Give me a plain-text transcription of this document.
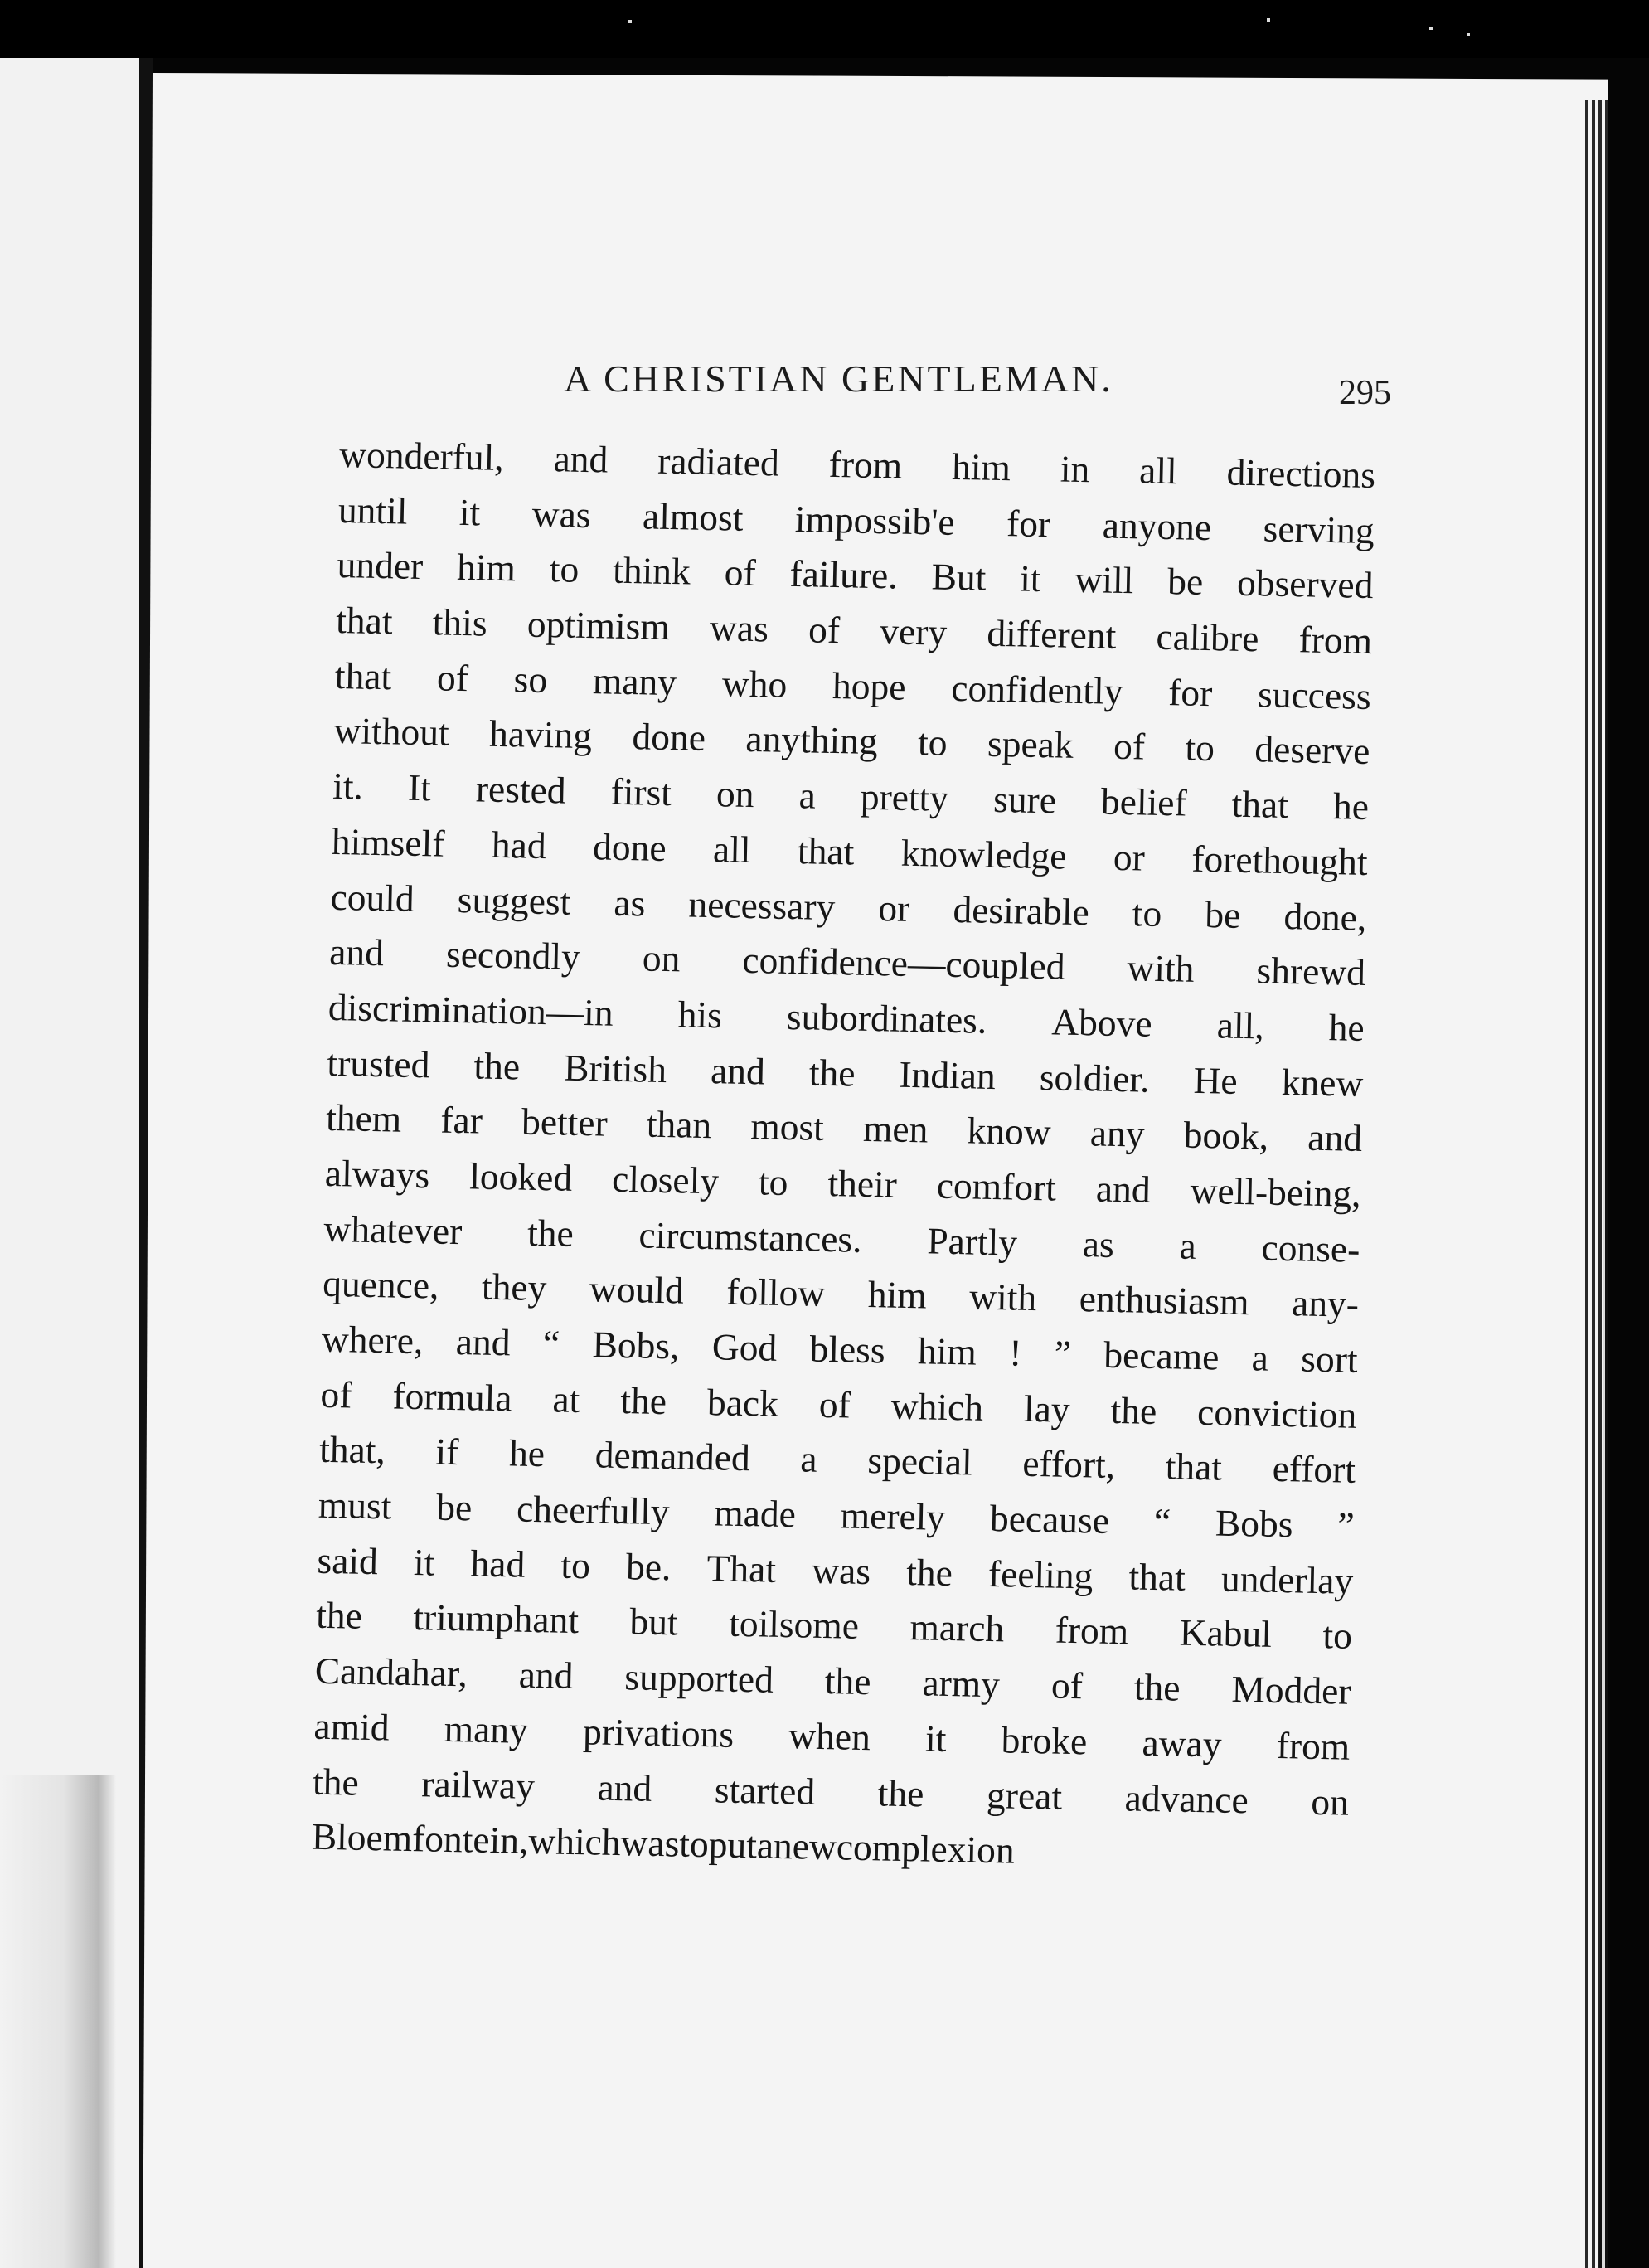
A CHRISTIAN GENTLEMAN.	295
wonderful, and radiated from him in all directions
until it was almost impossib'e for anyone serving
under him to think of failure. But it will be observed
that this optimism was of very different calibre from
that of so many who hope confidently for success
without having done anything to speak of to deserve
it. It rested first on a pretty sure belief that he
himself had done all that knowledge or forethought
could suggest as necessary or desirable to be done,
and secondly on confidence—coupled with shrewd
discrimination—in his subordinates. Above all, he
trusted the British and the Indian soldier. He knew
them far better than most men know any book, and
always looked closely to their comfort and well-being,
whatever the circumstances. Partly as a conse-
quence, they would follow him with enthusiasm any-
where, and “ Bobs, God bless him ! ” became a sort
of formula at the back of which lay the conviction
that, if he demanded a special effort, that effort
must be cheerfully made merely because “ Bobs ”
said it had to be. That was the feeling that underlay
the triumphant but toilsome march from Kabul to
Candahar, and supported the army of the Modder
amid many privations when it broke away from
the railway and started the great advance on
Bloemfontein,
which
was
to
put
a
new
complexion
